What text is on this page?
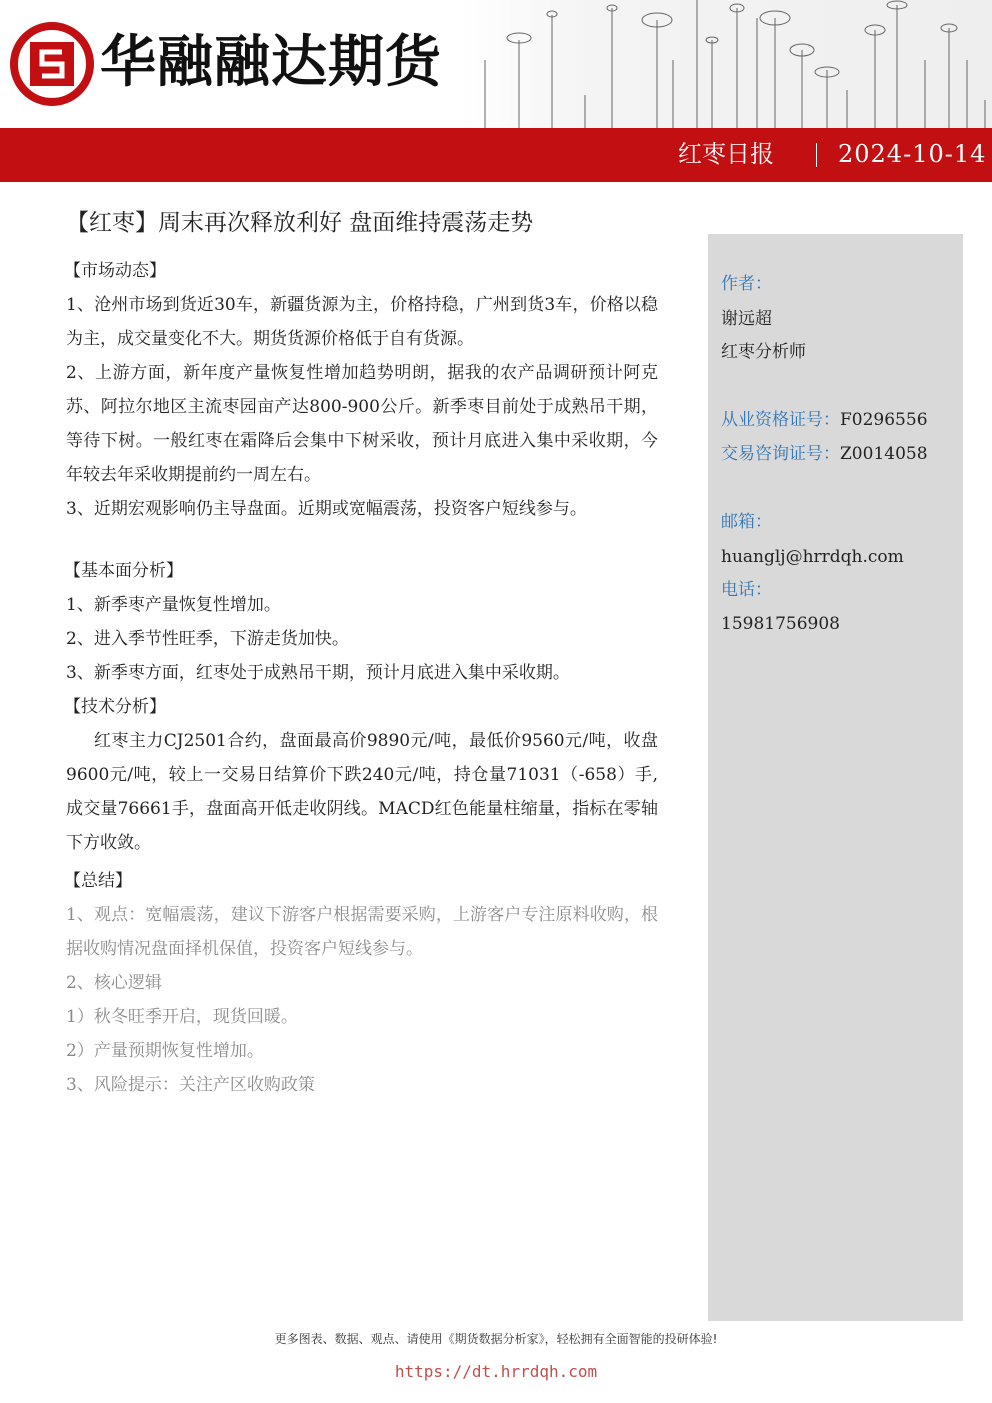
华融融达期货
红枣日报	2024-10-14
【红枣】周末再次释放利好 盘面维持震荡走势
【市场动态】
1、沧州市场到货近30车，新疆货源为主，价格持稳，广州到货3车，价格以稳为主，成交量变化不大。期货货源价格低于自有货源。
2、上游方面，新年度产量恢复性增加趋势明朗，据我的农产品调研预计阿克苏、阿拉尔地区主流枣园亩产达800-900公斤。新季枣目前处于成熟吊干期，等待下树。一般红枣在霜降后会集中下树采收，预计月底进入集中采收期，今年较去年采收期提前约一周左右。
3、近期宏观影响仍主导盘面。近期或宽幅震荡，投资客户短线参与。
【基本面分析】
1、新季枣产量恢复性增加。
2、进入季节性旺季，下游走货加快。
3、新季枣方面，红枣处于成熟吊干期，预计月底进入集中采收期。
【技术分析】
红枣主力CJ2501合约，盘面最高价9890元/吨，最低价9560元/吨，收盘9600元/吨，较上一交易日结算价下跌240元/吨，持仓量71031（-658）手,成交量76661手，盘面高开低走收阴线。MACD红色能量柱缩量，指标在零轴下方收敛。
【总结】
1、观点：宽幅震荡，建议下游客户根据需要采购，上游客户专注原料收购，根据收购情况盘面择机保值，投资客户短线参与。
2、核心逻辑
1）秋冬旺季开启，现货回暖。
2）产量预期恢复性增加。
3、风险提示：关注产区收购政策
作者：
谢远超
红枣分析师
从业资格证号：F0296556
交易咨询证号：Z0014058
邮箱：
huanglj@hrrdqh.com
电话：
15981756908
更多图表、数据、观点、请使用《期货数据分析家》，轻松拥有全面智能的投研体验!
https://dt.hrrdqh.com
